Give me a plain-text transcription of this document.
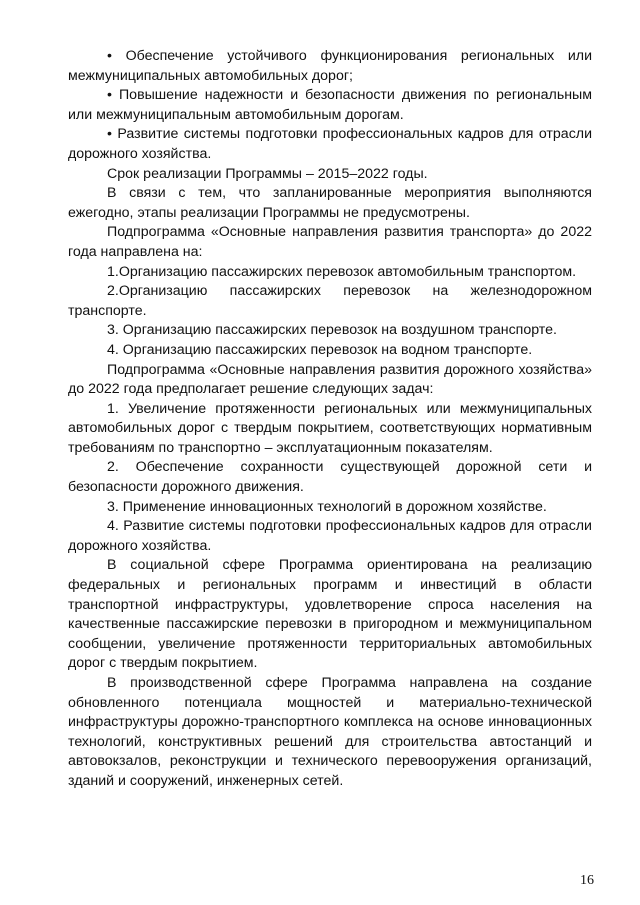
• Обеспечение устойчивого функционирования региональных или межмуниципальных автомобильных дорог;

• Повышение надежности и безопасности движения по региональным или межмуниципальным автомобильным дорогам.

• Развитие системы подготовки профессиональных кадров для отрасли дорожного хозяйства.

Срок реализации Программы – 2015–2022 годы.

В связи с тем, что запланированные мероприятия выполняются ежегодно, этапы реализации Программы не предусмотрены.

Подпрограмма «Основные направления развития транспорта» до 2022 года направлена на:

1.Организацию пассажирских перевозок автомобильным транспортом.

2.Организацию пассажирских перевозок на железнодорожном транспорте.

3. Организацию пассажирских перевозок на воздушном транспорте.

4. Организацию пассажирских перевозок на водном транспорте.

Подпрограмма «Основные направления развития дорожного хозяйства» до 2022 года предполагает решение следующих задач:

1. Увеличение протяженности региональных или межмуниципальных автомобильных дорог с твердым покрытием, соответствующих нормативным требованиям по транспортно – эксплуатационным показателям.

2. Обеспечение сохранности существующей дорожной сети и безопасности дорожного движения.

3. Применение инновационных технологий в дорожном хозяйстве.

4. Развитие системы подготовки профессиональных кадров для отрасли дорожного хозяйства.

В социальной сфере Программа ориентирована на реализацию федеральных и региональных программ и инвестиций в области транспортной инфраструктуры, удовлетворение спроса населения на качественные пассажирские перевозки в пригородном и межмуниципальном сообщении, увеличение протяженности территориальных автомобильных дорог с твердым покрытием.

В производственной сфере Программа направлена на создание обновленного потенциала мощностей и материально-технической инфраструктуры дорожно-транспортного комплекса на основе инновационных технологий, конструктивных решений для строительства автостанций и автовокзалов, реконструкции и технического перевооружения организаций, зданий и сооружений, инженерных сетей.

16
